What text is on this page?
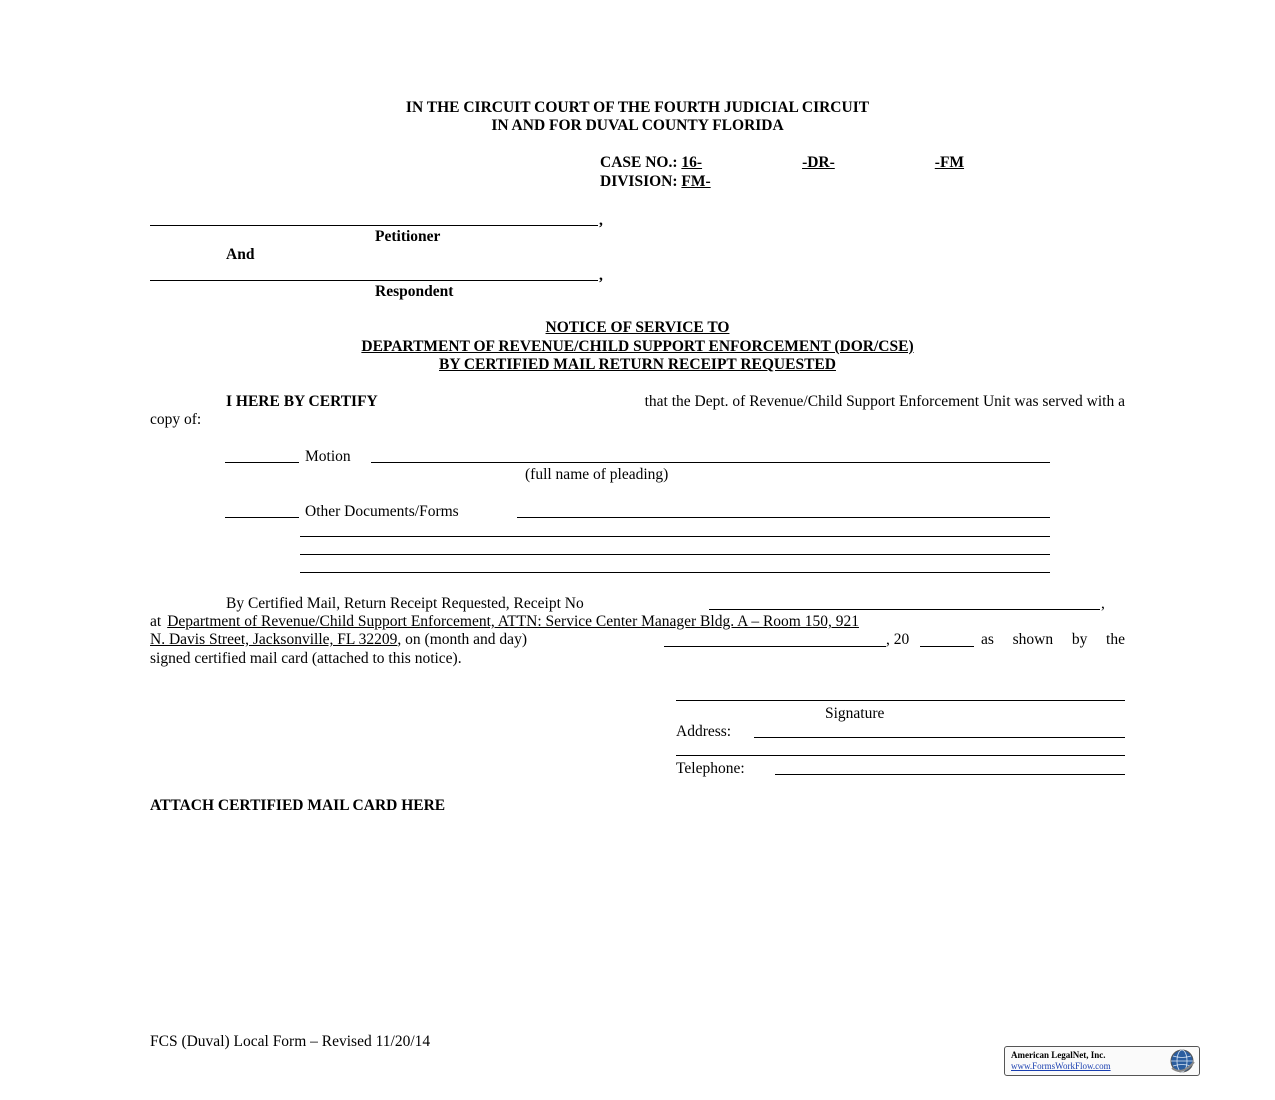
IN THE CIRCUIT COURT OF THE FOURTH JUDICIAL CIRCUIT
IN AND FOR DUVAL COUNTY FLORIDA
CASE NO.: 16-	-DR-	-FM
DIVISION: FM-
,
Petitioner
And
,
Respondent
NOTICE OF SERVICE TO
DEPARTMENT OF REVENUE/CHILD SUPPORT ENFORCEMENT (DOR/CSE)
BY CERTIFIED MAIL RETURN RECEIPT REQUESTED
I HERE BY CERTIFY	that the Dept. of Revenue/Child Support Enforcement Unit was served with a
copy of:
Motion
(full name of pleading)
Other Documents/Forms
By Certified Mail, Return Receipt Requested, Receipt No	,
at Department of Revenue/Child Support Enforcement, ATTN: Service Center Manager Bldg. A – Room 150, 921
N. Davis Street, Jacksonville, FL 32209, on (month and day)	, 20	as shown by the
signed certified mail card (attached to this notice).
Signature
Address:
Telephone:
ATTACH CERTIFIED MAIL CARD HERE
FCS (Duval) Local Form – Revised 11/20/14
American LegalNet, Inc.
www.FormsWorkFlow.com
